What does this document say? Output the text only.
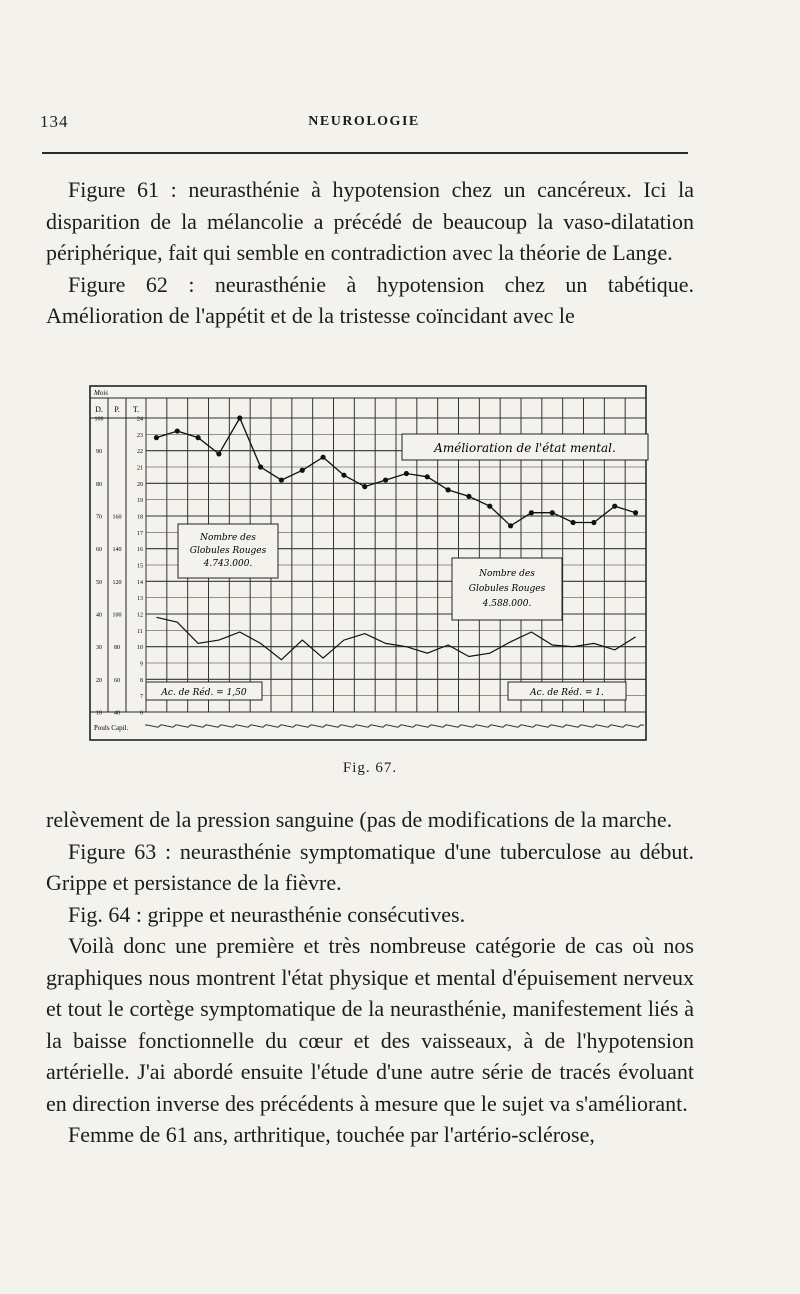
134	NEUROLOGIE

Figure 61 : neurasthénie à hypotension chez un cancéreux. Ici la disparition de la mélancolie a précédé de beaucoup la vaso-dilatation périphérique, fait qui semble en contradiction avec la théorie de Lange.

Figure 62 : neurasthénie à hypotension chez un tabétique. Amélioration de l'appétit et de la tristesse coïncidant avec le

Mois
D. P. T.
24
23
22
21
20
19
18
17
16
15
14
13
12
11
10
9
8
7
6
100
90
80
70
60
50
40
30
20
10
160
140
120
100
80
60
40
Pouls Capil.
Amélioration de l'état mental.
Nombre des
Globules Rouges
4.743.000.
Nombre des
Globules Rouges
4.588.000.
Ac. de Réd. = 1,50	Ac. de Réd. = 1.
Fig. 67.

relèvement de la pression sanguine (pas de modifications de la marche.

Figure 63 : neurasthénie symptomatique d'une tuberculose au début. Grippe et persistance de la fièvre.

Fig. 64 : grippe et neurasthénie consécutives.

Voilà donc une première et très nombreuse catégorie de cas où nos graphiques nous montrent l'état physique et mental d'épuisement nerveux et tout le cortège symptomatique de la neurasthénie, manifestement liés à la baisse fonctionnelle du cœur et des vaisseaux, à de l'hypotension artérielle. J'ai abordé ensuite l'étude d'une autre série de tracés évoluant en direction inverse des précédents à mesure que le sujet va s'améliorant.

Femme de 61 ans, arthritique, touchée par l'artério-sclérose,
